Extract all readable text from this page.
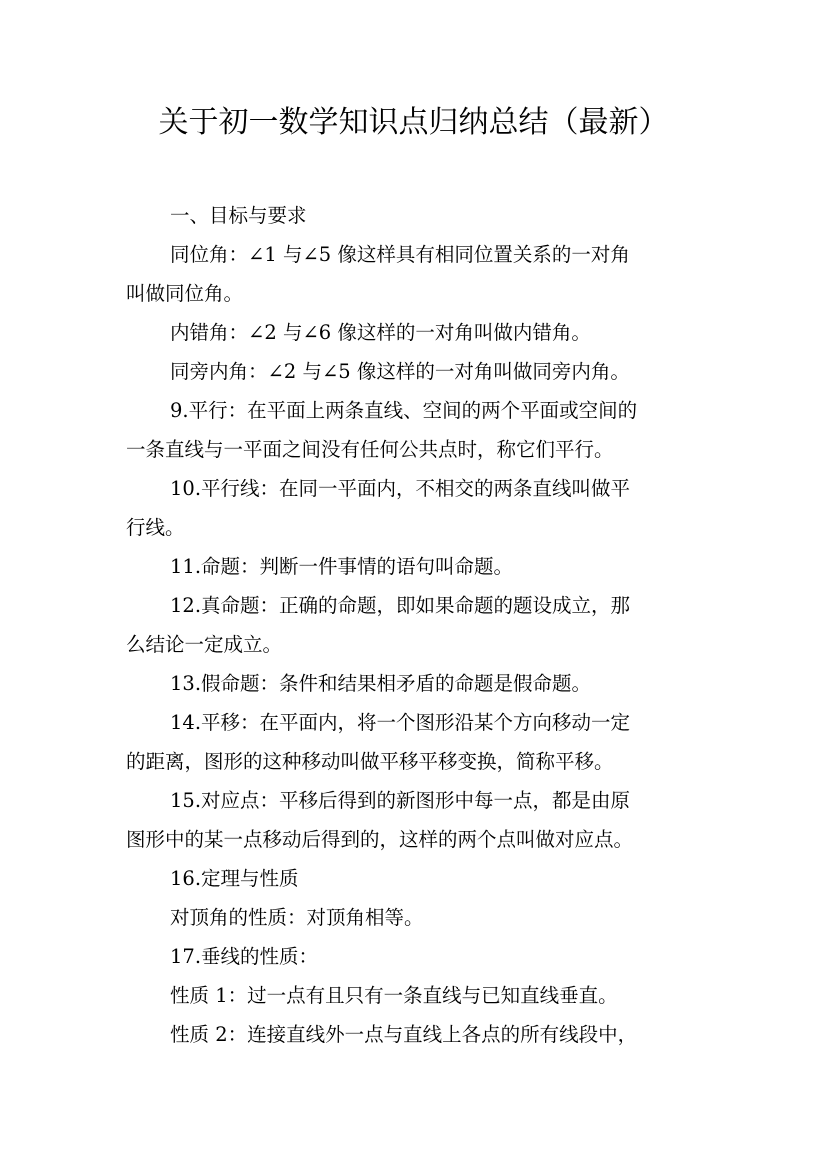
关于初一数学知识点归纳总结（最新）
一、目标与要求
同位角：∠1 与∠5 像这样具有相同位置关系的一对角
叫做同位角。
内错角：∠2 与∠6 像这样的一对角叫做内错角。
同旁内角：∠2 与∠5 像这样的一对角叫做同旁内角。
9.平行：在平面上两条直线、空间的两个平面或空间的
一条直线与一平面之间没有任何公共点时，称它们平行。
10.平行线：在同一平面内，不相交的两条直线叫做平
行线。
11.命题：判断一件事情的语句叫命题。
12.真命题：正确的命题，即如果命题的题设成立，那
么结论一定成立。
13.假命题：条件和结果相矛盾的命题是假命题。
14.平移：在平面内，将一个图形沿某个方向移动一定
的距离，图形的这种移动叫做平移平移变换，简称平移。
15.对应点：平移后得到的新图形中每一点，都是由原
图形中的某一点移动后得到的，这样的两个点叫做对应点。
16.定理与性质
对顶角的性质：对顶角相等。
17.垂线的性质：
性质 1：过一点有且只有一条直线与已知直线垂直。
性质 2：连接直线外一点与直线上各点的所有线段中，
